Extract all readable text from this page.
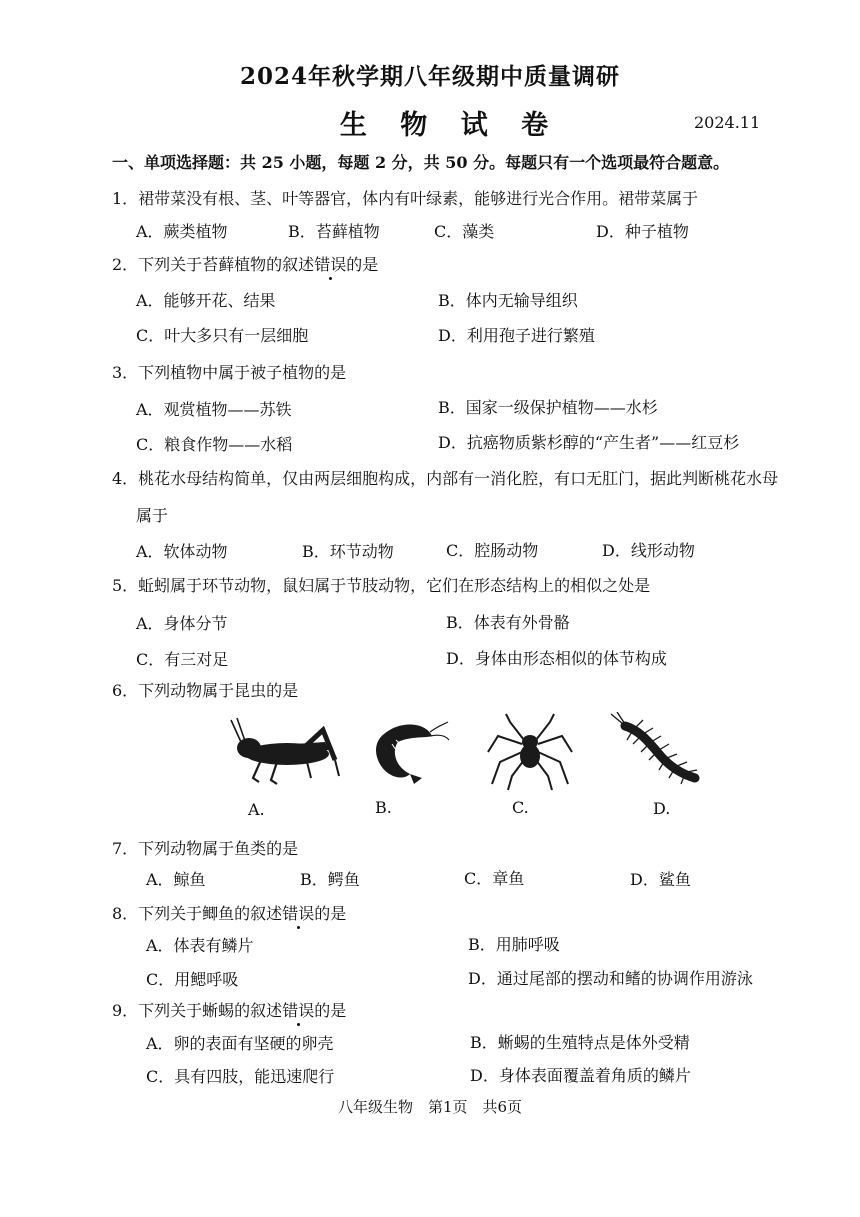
2024年秋学期八年级期中质量调研
生 物 试 卷	2024.11
一、单项选择题：共 25 小题，每题 2 分，共 50 分。每题只有一个选项最符合题意。
1．裙带菜没有根、茎、叶等器官，体内有叶绿素，能够进行光合作用。裙带菜属于
A．蕨类植物	B．苔藓植物	C．藻类	D．种子植物
2．下列关于苔藓植物的叙述错误的是
A．能够开花、结果	B．体内无输导组织
C．叶大多只有一层细胞	D．利用孢子进行繁殖
3．下列植物中属于被子植物的是
A．观赏植物——苏铁	B．国家一级保护植物——水杉
C．粮食作物——水稻	D．抗癌物质紫杉醇的“产生者”——红豆杉
4．桃花水母结构简单，仅由两层细胞构成，内部有一消化腔，有口无肛门，据此判断桃花水母
属于
A．软体动物	B．环节动物	C．腔肠动物	D．线形动物
5．蚯蚓属于环节动物，鼠妇属于节肢动物，它们在形态结构上的相似之处是
A．身体分节	B．体表有外骨骼
C．有三对足	D．身体由形态相似的体节构成
6．下列动物属于昆虫的是
A.	B.	C.	D.
7．下列动物属于鱼类的是
A．鲸鱼	B．鳄鱼	C．章鱼	D．鲨鱼
8．下列关于鲫鱼的叙述错误的是
A．体表有鳞片	B．用肺呼吸
C．用鳃呼吸	D．通过尾部的摆动和鳍的协调作用游泳
9．下列关于蜥蜴的叙述错误的是
A．卵的表面有坚硬的卵壳	B．蜥蜴的生殖特点是体外受精
C．具有四肢，能迅速爬行	D．身体表面覆盖着角质的鳞片
八年级生物　第1页　共6页
